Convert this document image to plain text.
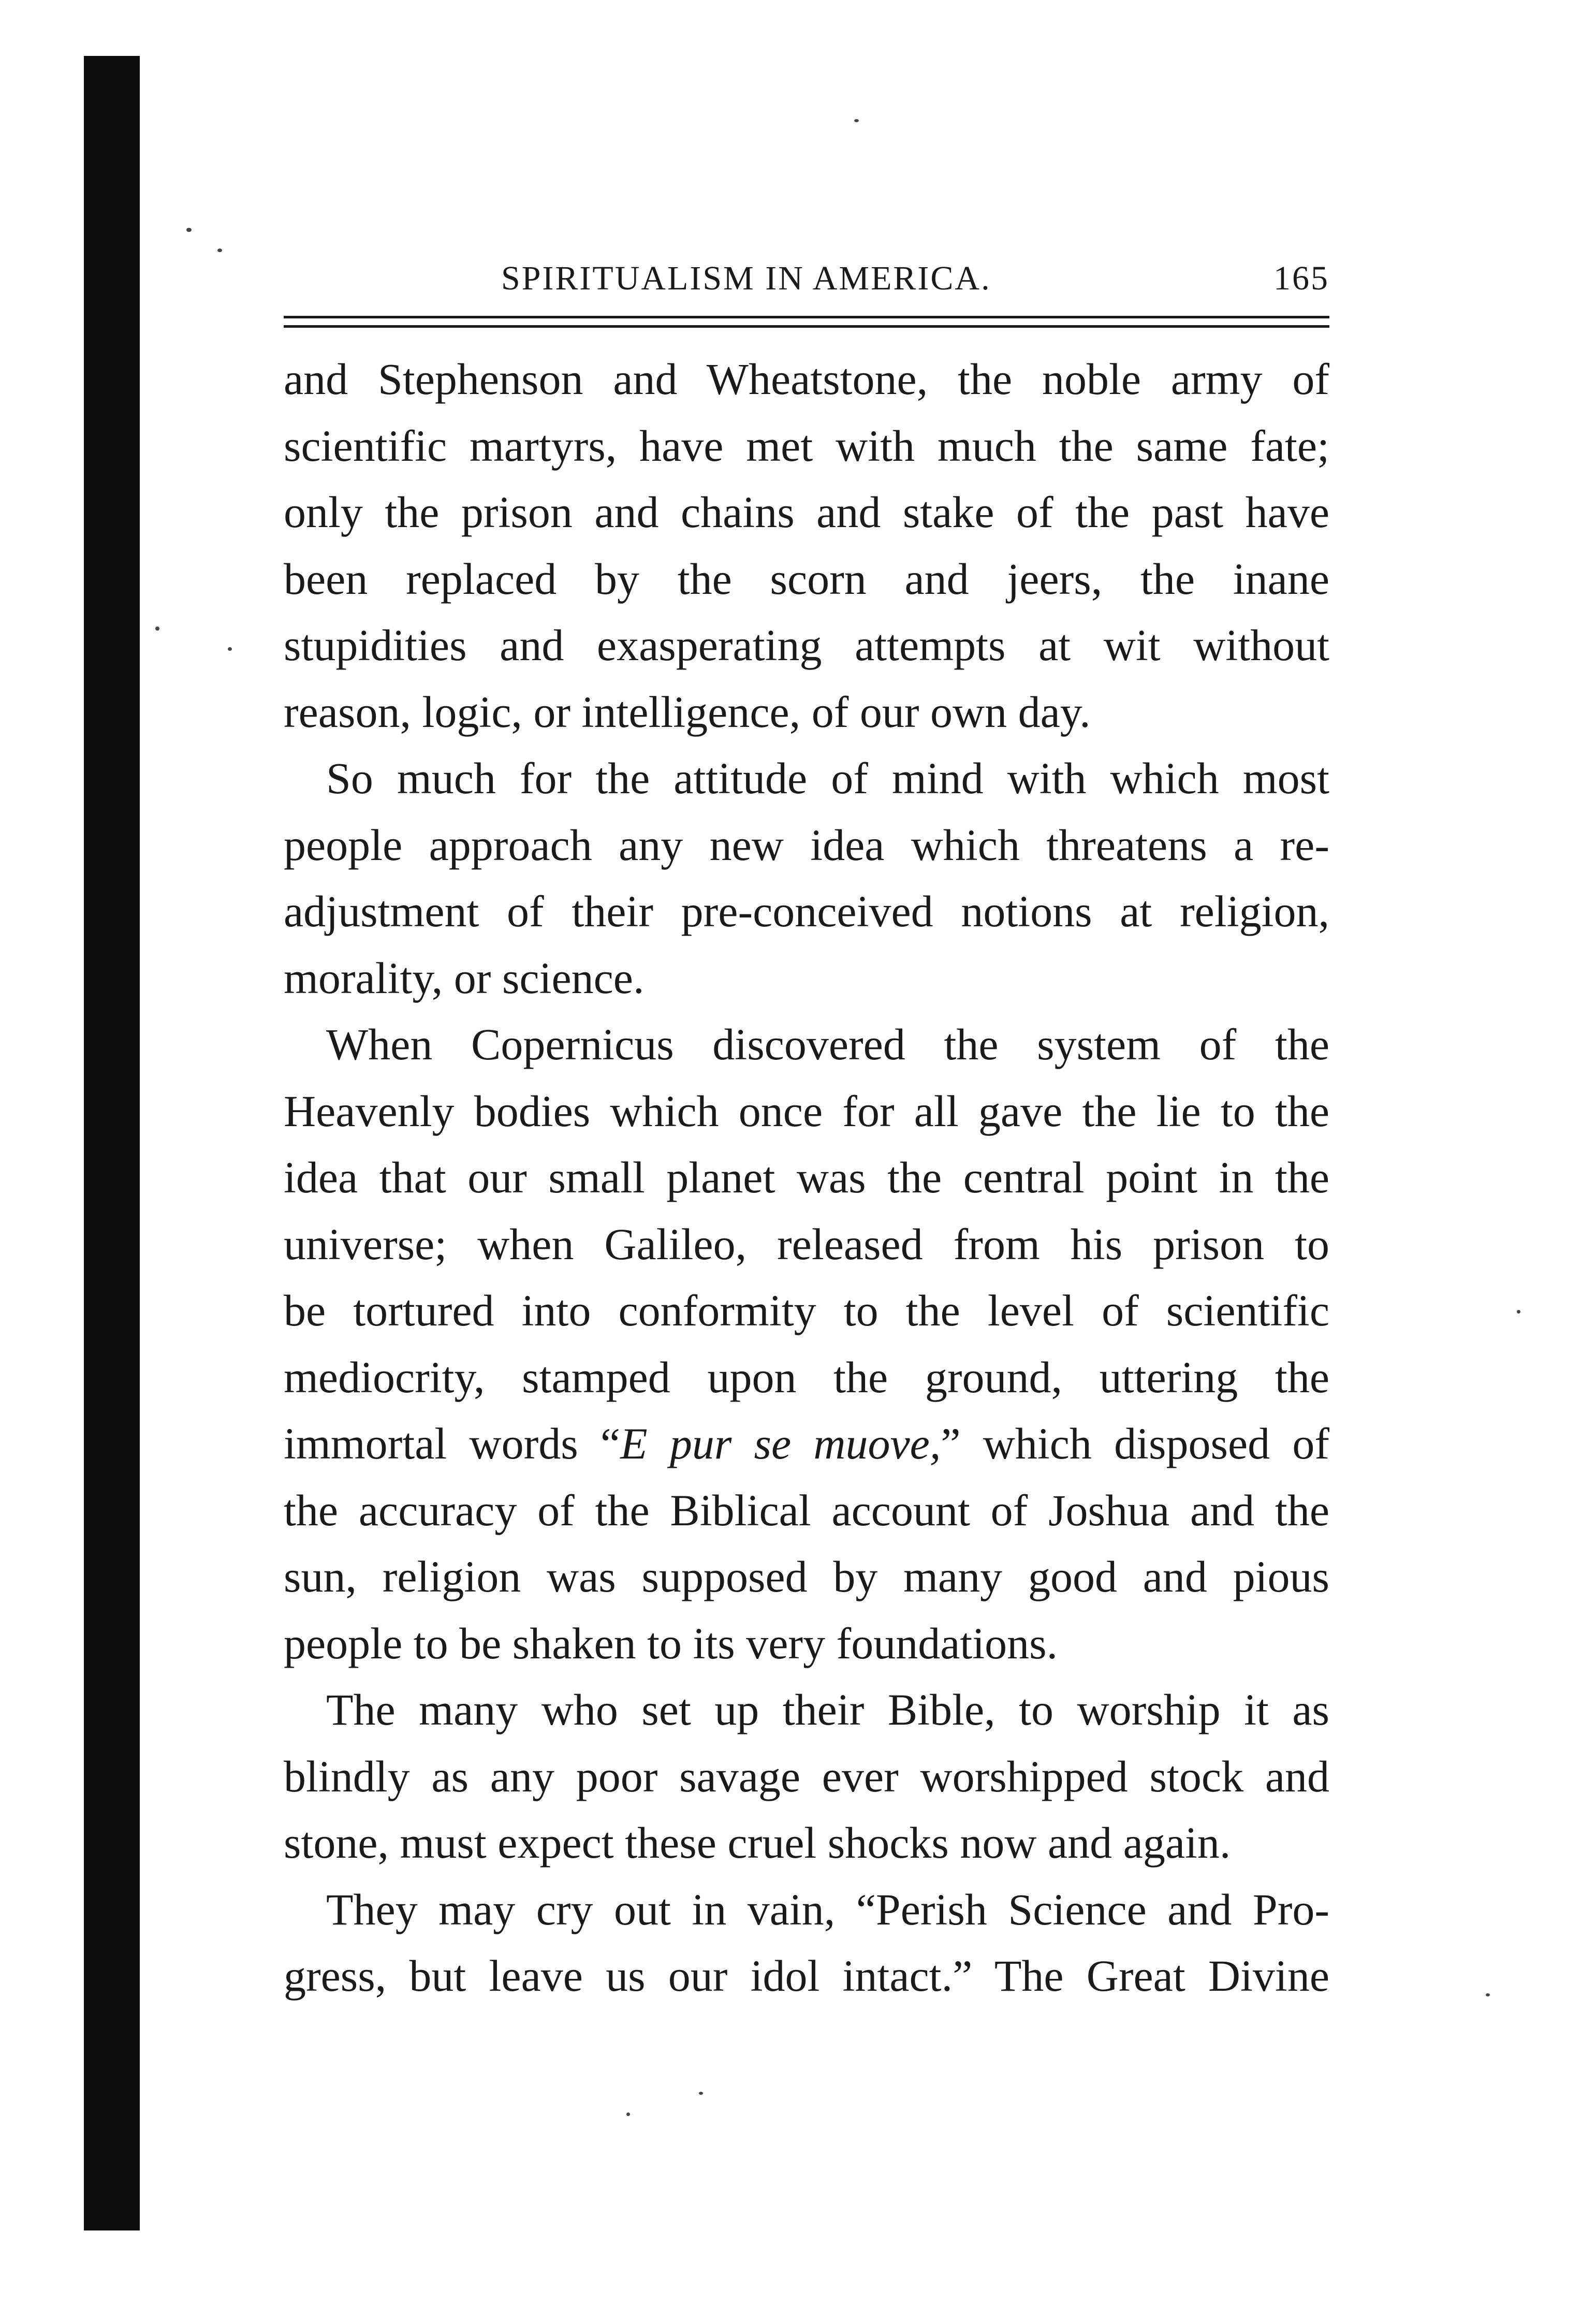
SPIRITUALISM IN AMERICA.	165
and Stephenson and Wheatstone, the noble army of
scientific martyrs, have met with much the same fate;
only the prison and chains and stake of the past have
been replaced by the scorn and jeers, the inane
stupidities and exasperating attempts at wit without
reason, logic, or intelligence, of our own day.
So much for the attitude of mind with which most
people approach any new idea which threatens a re-
adjustment of their pre-conceived notions at religion,
morality, or science.
When Copernicus discovered the system of the
Heavenly bodies which once for all gave the lie to the
idea that our small planet was the central point in the
universe; when Galileo, released from his prison to
be tortured into conformity to the level of scientific
mediocrity, stamped upon the ground, uttering the
immortal words “E pur se muove,” which disposed of
the accuracy of the Biblical account of Joshua and the
sun, religion was supposed by many good and pious
people to be shaken to its very foundations.
The many who set up their Bible, to worship it as
blindly as any poor savage ever worshipped stock and
stone, must expect these cruel shocks now and again.
They may cry out in vain, “Perish Science and Pro-
gress, but leave us our idol intact.” The Great Divine
